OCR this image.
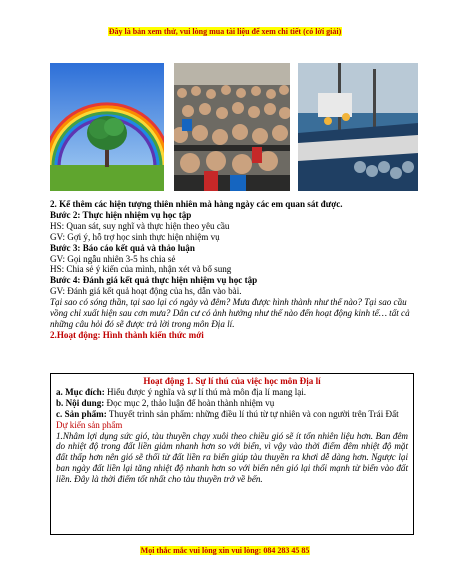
Đây là bản xem thử, vui lòng mua tài liệu để xem chi tiết (có lời giải)

2. Kể thêm các hiện tượng thiên nhiên mà hàng ngày các em quan sát được.

Bước 2: Thực hiện nhiệm vụ học tập

HS: Quan sát, suy nghĩ và thực hiện theo yêu cầu

GV: Gợi ý, hỗ trợ học sinh thực hiện nhiệm vụ

Bước 3: Báo cáo kết quả và thảo luận

GV: Gọi ngẫu nhiên 3-5 hs chia sẻ

HS: Chia sẻ ý kiến của mình, nhận xét và bổ sung

Bước 4: Đánh giá kết quả thực hiện nhiệm vụ học tập

GV: Đánh giá kết quả hoạt động của hs, dẫn vào bài.

Tại sao có sóng thần, tại sao lại có ngày và đêm? Mưa được hình thành như thế nào? Tại sao cầu vồng chỉ xuất hiện sau cơn mưa? Dân cư có ảnh hưởng như thế nào đến hoạt động kinh tế… tất cả những câu hỏi đó sẽ được trả lời trong môn Địa lí.

2.Hoạt động: Hình thành kiến thức mới

Hoạt động 1. Sự lí thú của việc học môn Địa lí

a. Mục đích: Hiểu được ý nghĩa và sự lí thú mà môn địa lí mang lại.

b. Nội dung: Đọc mục 2, thảo luận để hoàn thành nhiệm vụ

c. Sản phẩm: Thuyết trình sản phẩm: những điều lí thú từ tự nhiên và con người trên Trái Đất

Dự kiến sản phẩm

1.Nhâm lợi dụng sức gió, tàu thuyền chạy xuôi theo chiều gió sẽ ít tốn nhiên liệu hơn. Ban đêm do nhiệt độ trong đất liền giảm nhanh hơn so với biển, vì vậy vào thời điểm đêm nhiệt độ mặt đất thấp hơn nên gió sẽ thổi từ đất liền ra biển giúp tàu thuyền ra khơi dễ dàng hơn. Ngược lại ban ngày đất liền lại tăng nhiệt độ nhanh hơn so với biển nên gió lại thổi mạnh từ biển vào đất liền. Đây là thời điểm tốt nhất cho tàu thuyền trở về bến.

Mọi thắc mắc vui lòng xin vui lòng: 084 283 45 85
